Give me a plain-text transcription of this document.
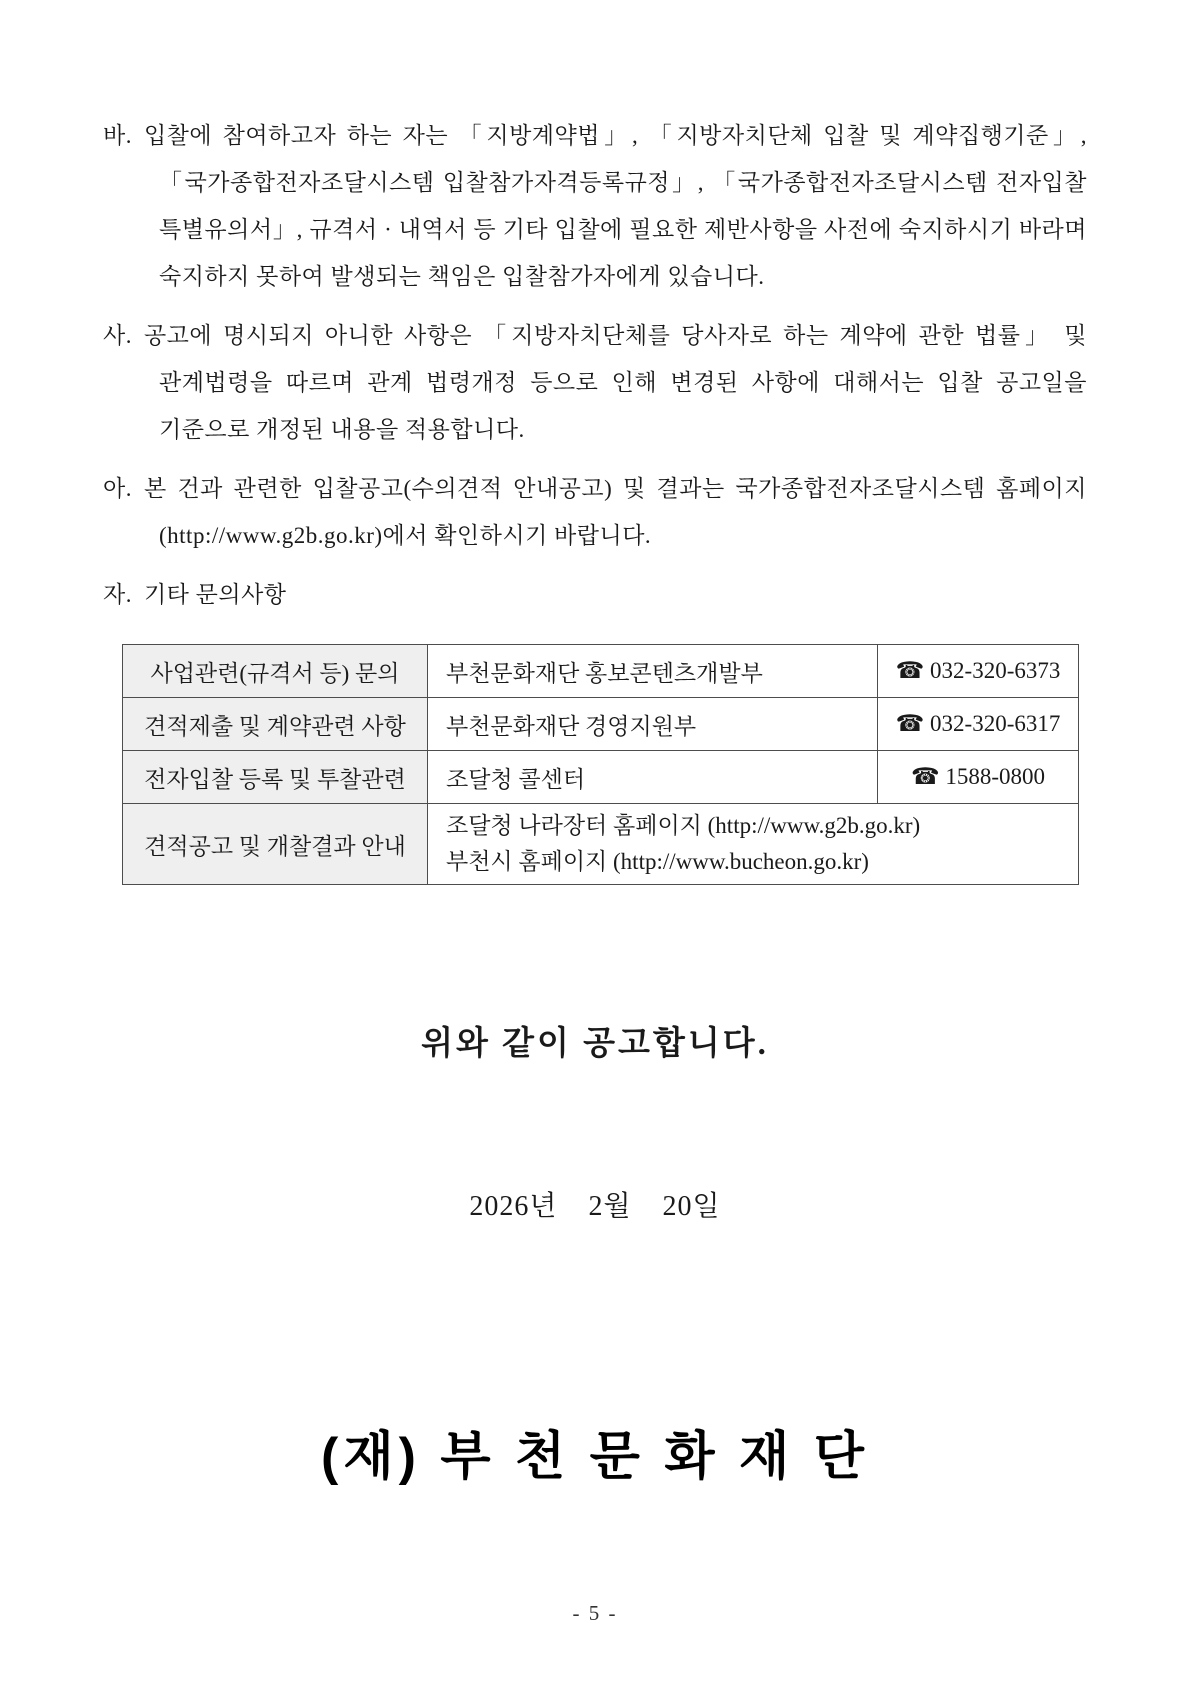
바. 입찰에 참여하고자 하는 자는 「지방계약법」, 「지방자치단체 입찰 및 계약집행기준」, 「국가종합전자조달시스템 입찰참가자격등록규정」, 「국가종합전자조달시스템 전자입찰 특별유의서」, 규격서 · 내역서 등 기타 입찰에 필요한 제반사항을 사전에 숙지하시기 바라며 숙지하지 못하여 발생되는 책임은 입찰참가자에게 있습니다.

사. 공고에 명시되지 아니한 사항은 「지방자치단체를 당사자로 하는 계약에 관한 법률」 및 관계법령을 따르며 관계 법령개정 등으로 인해 변경된 사항에 대해서는 입찰 공고일을 기준으로 개정된 내용을 적용합니다.

아. 본 건과 관련한 입찰공고(수의견적 안내공고) 및 결과는 국가종합전자조달시스템 홈페이지 (http://www.g2b.go.kr)에서 확인하시기 바랍니다.

자. 기타 문의사항

사업관련(규격서 등) 문의	부천문화재단 홍보콘텐츠개발부	☎ 032-320-6373
견적제출 및 계약관련 사항	부천문화재단 경영지원부	☎ 032-320-6317
전자입찰 등록 및 투찰관련	조달청 콜센터	☎ 1588-0800
견적공고 및 개찰결과 안내	조달청 나라장터 홈페이지 (http://www.g2b.go.kr)
부천시 홈페이지 (http://www.bucheon.go.kr)	
위와 같이 공고합니다.
2026년 2월 20일
(재) 부 천 문 화 재 단
- 5 -
